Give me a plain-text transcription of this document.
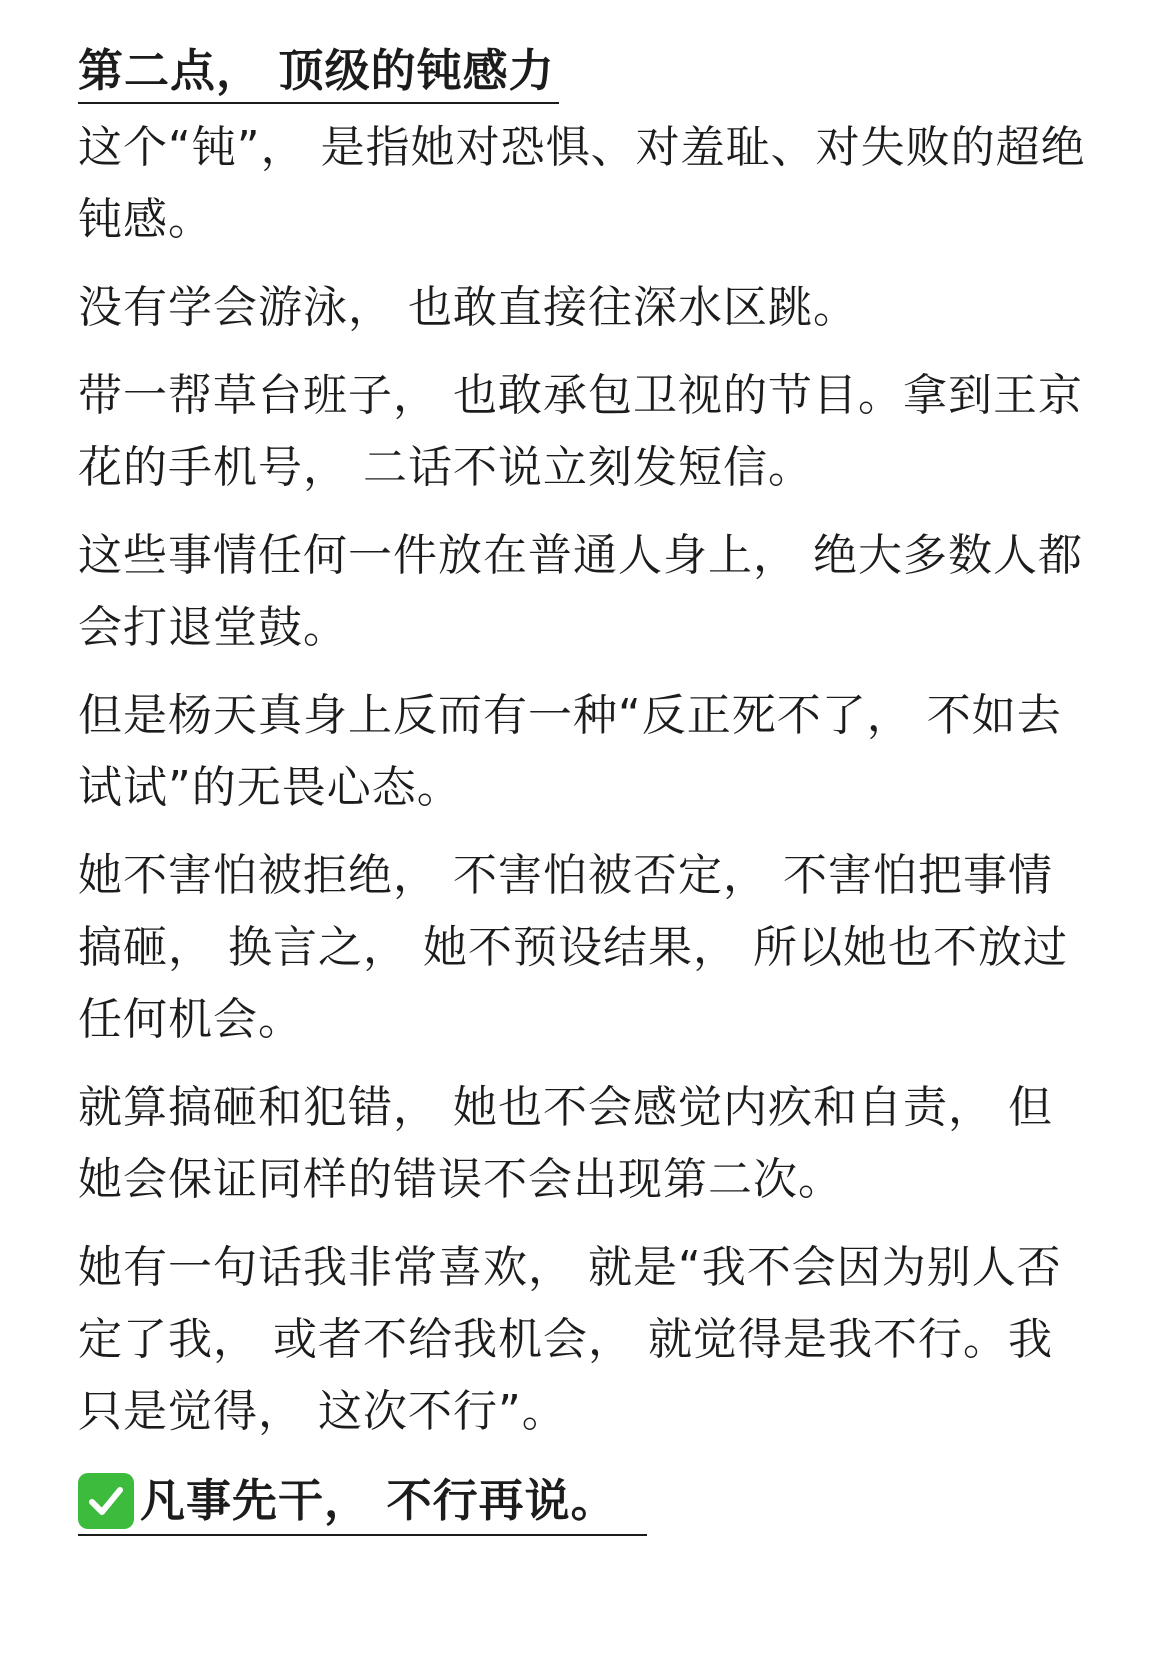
第二点， 顶级的钝感力

这个“钝”， 是指她对恐惧、对羞耻、对失败的超绝钝感。

没有学会游泳， 也敢直接往深水区跳。

带一帮草台班子， 也敢承包卫视的节目。拿到王京花的手机号， 二话不说立刻发短信。

这些事情任何一件放在普通人身上， 绝大多数人都会打退堂鼓。

但是杨天真身上反而有一种“反正死不了， 不如去试试”的无畏心态。

她不害怕被拒绝， 不害怕被否定， 不害怕把事情搞砸， 换言之， 她不预设结果， 所以她也不放过任何机会。

就算搞砸和犯错， 她也不会感觉内疚和自责， 但她会保证同样的错误不会出现第二次。

她有一句话我非常喜欢， 就是“我不会因为别人否定了我， 或者不给我机会， 就觉得是我不行。我只是觉得， 这次不行”。

凡事先干， 不行再说。
